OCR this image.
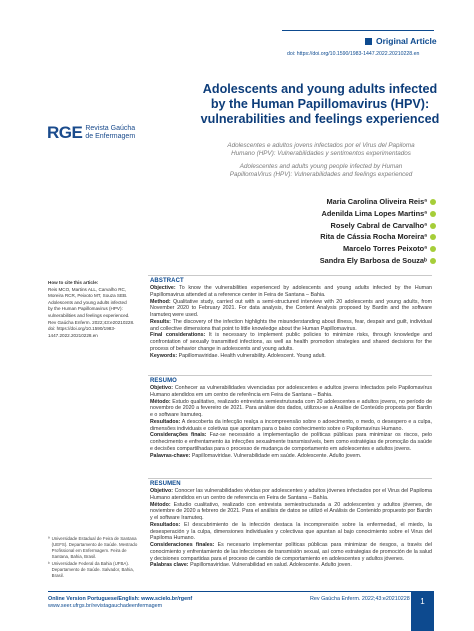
Original Article
doi: https://doi.org/10.1590/1983-1447.2022.20210228.en
RGE Revista Gaúcha
de Enfermagem
Adolescents and young adults infected
by the Human Papillomavirus (HPV):
vulnerabilities and feelings experienced
Adolescentes e adultos jovens infectados por el Virus del Papiloma
Humano (HPV): Vulnerabilidades y sentimentos experimentados
Adolescentes and adults young people infected by Human
PapillomaVirus (HPV): Vulnerabilidades and feelings experienced
Maria Carolina Oliveira Reisª
Adenilda Lima Lopes Martinsª
Rosely Cabral de Carvalhoª
Rita de Cássia Rocha Moreiraª
Marcelo Torres Peixotoª
Sandra Ely Barbosa de Souzaᵇ
How to cite this article:
Reis MCO, Martins ALL, Carvalho RC,
Moreira RCR, Peixoto MT, Souza SEB.
Adolescents and young adults infected
by the Human Papillomavirus (HPV):
vulnerabilities and feelings experienced.
Rev Gaúcha Enferm. 2022;43:e20210228.
doi: https://doi.org/10.1590/1983-
1447.2022.20210228.en
ª Universidade Estadual de Feira de Santana (UEFS). Departamento de Saúde. Mestrado Profissional em Enfermagem. Feira de Santana, Bahia, Brasil.
ᵇ Universidade Federal da Bahia (UFBA). Departamento de Saúde. Salvador, Bahia, Brasil.
ABSTRACT

Objective: To know the vulnerabilities experienced by adolescents and young adults infected by the Human Papillomavirus attended at a reference center in Feira de Santana – Bahia.

Method: Qualitative study, carried out with a semi-structured interview with 20 adolescents and young adults, from November 2020 to February 2021. For data analysis, the Content Analysis proposed by Bardin and the software Iramuteq were used.

Results: The discovery of the infection highlights the misunderstanding about illness, fear, despair and guilt, individual and collective dimensions that point to little knowledge about the Human Papillomavirus.

Final considerations: It is necessary to implement public policies to minimize risks, through knowledge and confrontation of sexually transmitted infections, as well as health promotion strategies and shared decisions for the process of behavior change in adolescents and young adults.

Keywords: Papillomaviridae. Health vulnerability. Adolescent. Young adult.

RESUMO

Objetivo: Conhecer as vulnerabilidades vivenciadas por adolescentes e adultos jovens infectados pelo Papilomavírus Humano atendidos em um centro de referência em Feira de Santana – Bahia.

Método: Estudo qualitativo, realizado entrevista semiestruturada com 20 adolescentes e adultos jovens, no período de novembro de 2020 a fevereiro de 2021. Para análise dos dados, utilizou-se a Análise de Conteúdo proposta por Bardin e o software Iramuteq.

Resultados: A descoberta da infecção realça a incompreensão sobre o adoecimento, o medo, o desespero e a culpa, dimensões individuais e coletivas que apontam para o baixo conhecimento sobre o Papilomavírus Humano.

Considerações finais: Faz-se necessário a implementação de políticas públicas para minimizar os riscos, pelo conhecimento e enfrentamento às infecções sexualmente transmissíveis, bem como estratégias de promoção da saúde e decisões compartilhadas para o processo de mudança de comportamento em adolescentes e adultos jovens.

Palavras-chave: Papillomaviridae. Vulnerabilidade em saúde. Adolescente. Adulto jovem.

RESUMEN

Objetivo: Conocer las vulnerabilidades vividas por adolescentes y adultos jóvenes infectados por el Virus del Papiloma Humano atendidos en un centro de referencia en Feira de Santana – Bahía.

Método: Estudio cualitativo, realizado con entrevista semiestructurada a 20 adolescentes y adultos jóvenes, de noviembre de 2020 a febrero de 2021. Para el análisis de datos se utilizó el Análisis de Contenido propuesto por Bardin y el software Iramuteq.

Resultados: El descubrimiento de la infección destaca la incomprensión sobre la enfermedad, el miedo, la desesperación y la culpa, dimensiones individuales y colectivas que apuntan al bajo conocimiento sobre el Virus del Papiloma Humano.

Consideraciones finales: Es necesario implementar políticas públicas para minimizar de riesgos, a través del conocimiento y enfrentamiento de las infecciones de transmisión sexual, así como estrategias de promoción de la salud y decisiones compartidas para el proceso de cambio de comportamiento en adolescentes y adultos jóvenes.

Palabras clave: Papillomaviridae. Vulnerabilidad en salud. Adolescente. Adulto joven.

Online Version Portuguese/English: www.scielo.br/rgenf
www.seer.ufrgs.br/revistagauchadeenfermagem
Rev Gaúcha Enferm. 2022;43:e20210228	1
